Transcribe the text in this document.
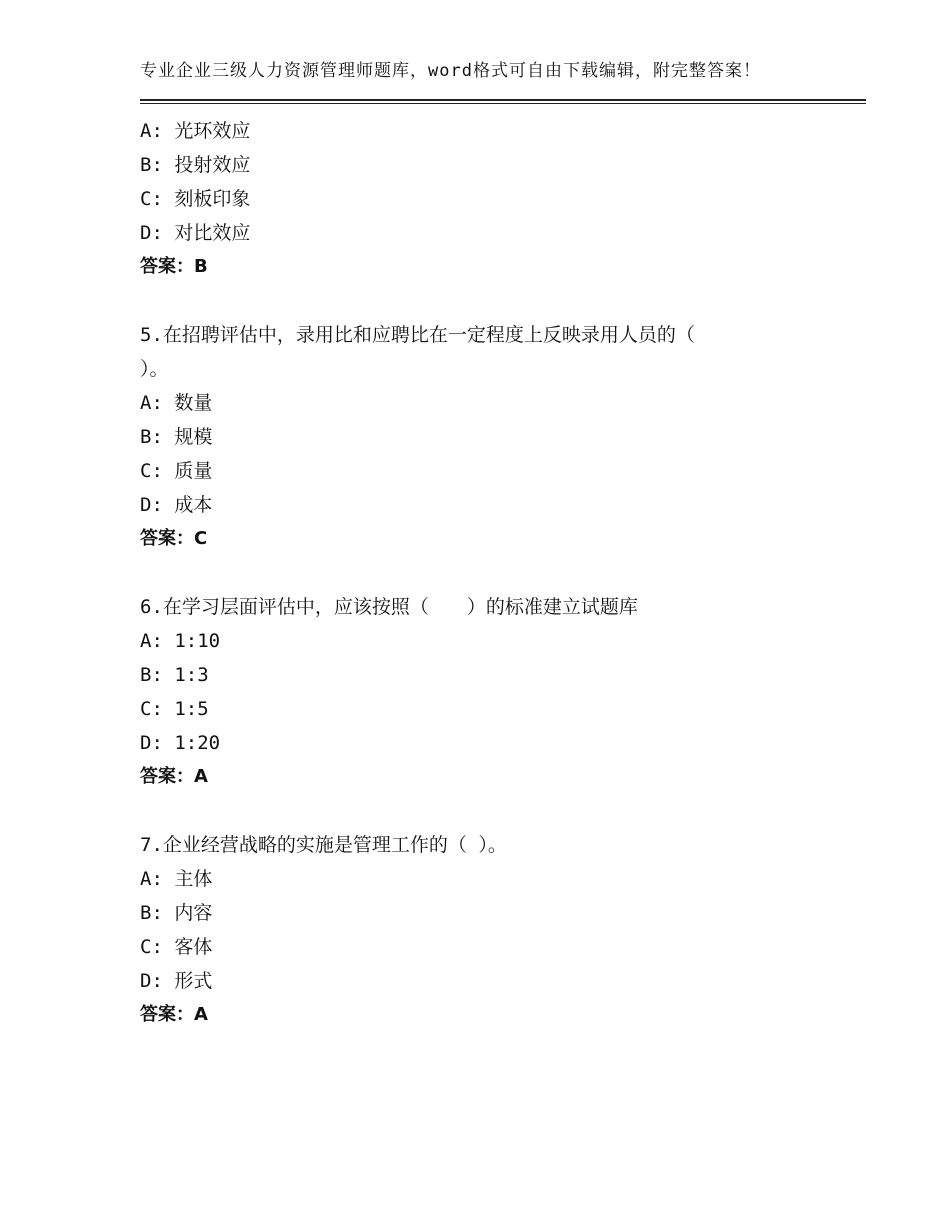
专业企业三级人力资源管理师题库，word格式可自由下载编辑，附完整答案！
A: 光环效应
B: 投射效应
C: 刻板印象
D: 对比效应
答案：B
5.在招聘评估中，录用比和应聘比在一定程度上反映录用人员的（
）。
A: 数量
B: 规模
C: 质量
D: 成本
答案：C
6.在学习层面评估中，应该按照（　　）的标准建立试题库
A: 1:10
B: 1:3
C: 1:5
D: 1:20
答案：A
7.企业经营战略的实施是管理工作的（ ）。
A: 主体
B: 内容
C: 客体
D: 形式
答案：A
